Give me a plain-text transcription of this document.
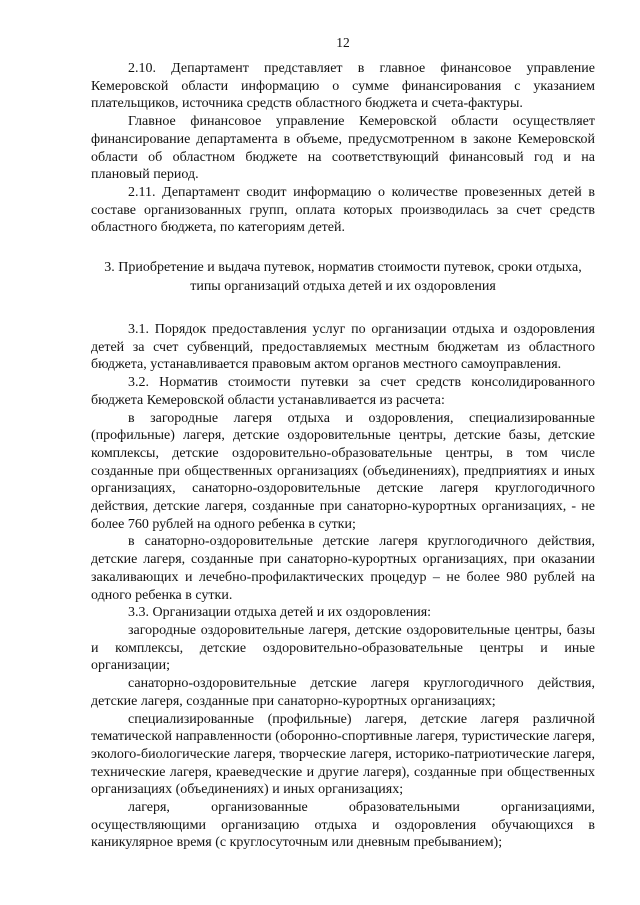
12

2.10. Департамент представляет в главное финансовое управление Кемеровской области информацию о сумме финансирования с указанием плательщиков, источника средств областного бюджета и счета-фактуры.

Главное финансовое управление Кемеровской области осуществляет финансирование департамента в объеме, предусмотренном в законе Кемеровской области об областном бюджете на соответствующий финансовый год и на плановый период.

2.11. Департамент сводит информацию о количестве провезенных детей в составе организованных групп, оплата которых производилась за счет средств областного бюджета, по категориям детей.

3. Приобретение и выдача путевок, норматив стоимости путевок, сроки отдыха, типы организаций отдыха детей и их оздоровления

3.1. Порядок предоставления услуг по организации отдыха и оздоровления детей за счет субвенций, предоставляемых местным бюджетам из областного бюджета, устанавливается правовым актом органов местного самоуправления.

3.2. Норматив стоимости путевки за счет средств консолидированного бюджета Кемеровской области устанавливается из расчета:

в загородные лагеря отдыха и оздоровления, специализированные (профильные) лагеря, детские оздоровительные центры, детские базы, детские комплексы, детские оздоровительно-образовательные центры, в том числе созданные при общественных организациях (объединениях), предприятиях и иных организациях, санаторно-оздоровительные детские лагеря круглогодичного действия, детские лагеря, созданные при санаторно-курортных организациях, - не более 760 рублей на одного ребенка в сутки;

в санаторно-оздоровительные детские лагеря круглогодичного действия, детские лагеря, созданные при санаторно-курортных организациях, при оказании закаливающих и лечебно-профилактических процедур – не более 980 рублей на одного ребенка в сутки.

3.3. Организации отдыха детей и их оздоровления:

загородные оздоровительные лагеря, детские оздоровительные центры, базы и комплексы, детские оздоровительно-образовательные центры и иные организации;

санаторно-оздоровительные детские лагеря круглогодичного действия, детские лагеря, созданные при санаторно-курортных организациях;

специализированные (профильные) лагеря, детские лагеря различной тематической направленности (оборонно-спортивные лагеря, туристические лагеря, эколого-биологические лагеря, творческие лагеря, историко-патриотические лагеря, технические лагеря, краеведческие и другие лагеря), созданные при общественных организациях (объединениях) и иных организациях;

лагеря, организованные образовательными организациями, осуществляющими организацию отдыха и оздоровления обучающихся в каникулярное время (с круглосуточным или дневным пребыванием);
